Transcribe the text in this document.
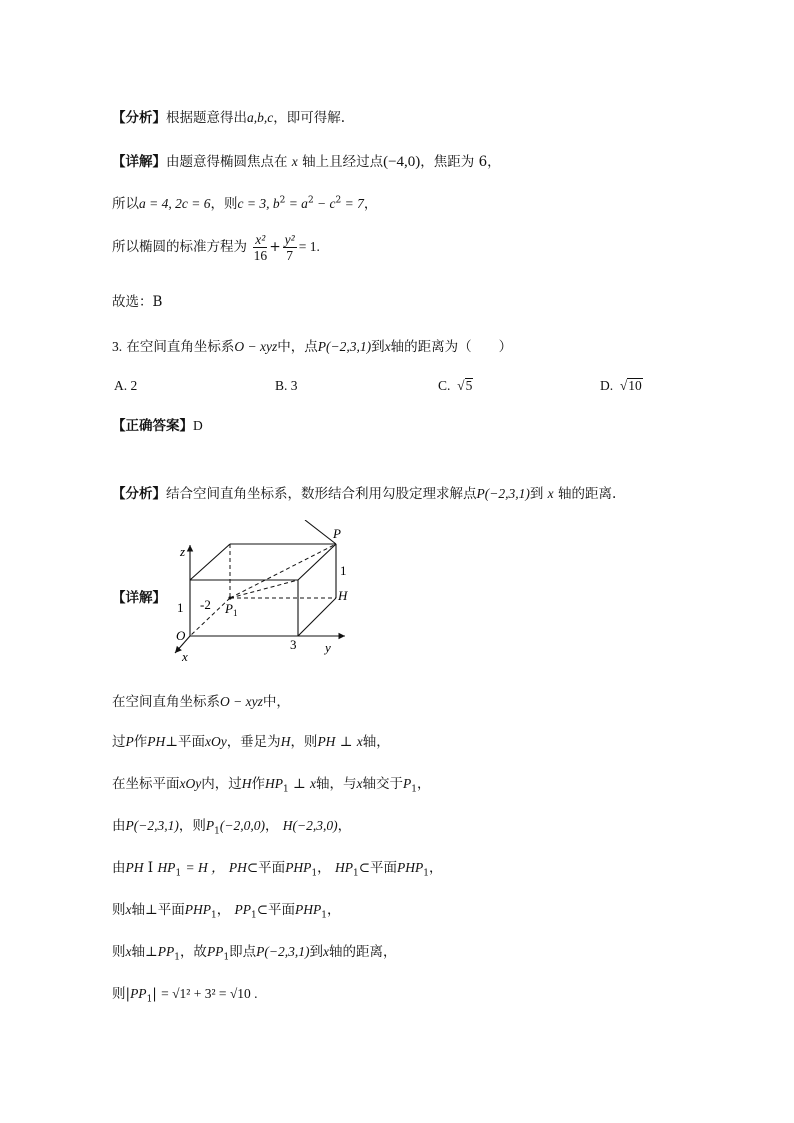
【分析】根据题意得出a,b,c，即可得解.
【详解】由题意得椭圆焦点在 x 轴上且经过点(−4,0)，焦距为 6，
所以a = 4, 2c = 6，则c = 3, $b^2 = a^2 - c^2 = 7$，
所以椭圆的标准方程为 $\frac{\text{x²}}{16} + \frac{\text{y²}}{7} = 1$.
故选：B
3. 在空间直角坐标系O − xyz中，点P(−2,3,1)到x轴的距离为（　　）
A. 2	B. 3	C.  √5	D.  √10
【正确答案】D
【分析】结合空间直角坐标系，数形结合利用勾股定理求解点P(−2,3,1)到 x 轴的距离.
【详解】
P
z
1
H
1 -2 $P_1$
O
3 y
x
在空间直角坐标系O − xyz中，
过P作PH⊥平面xOy，垂足为H，则PH ⊥ x轴，
在坐标平面xOy内，过H作$HP_1$ ⊥ x轴，与x轴交于$P_1$，
由P(−2,3,1)，则$P_1(-2,0,0)$， H(−2,3,0)，
由PH I $HP_1 = H$ ， PH⊂平面$PHP_1$， $HP_1\subset$平面$PHP_1$，
则x轴⊥平面$PHP_1$， $PP_1\subset$平面$PHP_1$，
则x轴$\perp PP_1$，故$PP_1$即点P(−2,3,1)到x轴的距离，
则$|PP_1| = √1^2 + 3^2 = √10$ .
